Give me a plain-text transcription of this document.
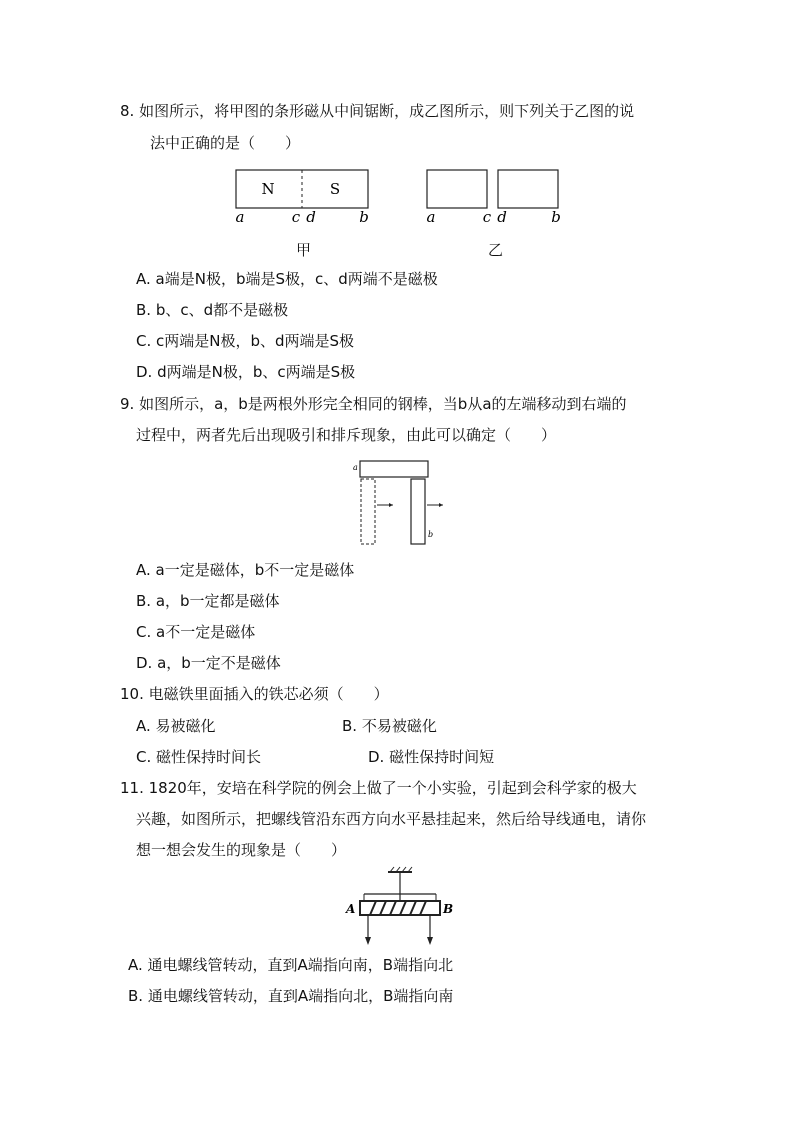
8. 如图所示，将甲图的条形磁从中间锯断，成乙图所示，则下列关于乙图的说
法中正确的是（　　）
N	S
a	c d	b	a	c d	b
甲	乙
A. a端是N极，b端是S极，c、d两端不是磁极
B. b、c、d都不是磁极
C. c两端是N极，b、d两端是S极
D. d两端是N极，b、c两端是S极
9. 如图所示，a，b是两根外形完全相同的钢棒，当b从a的左端移动到右端的
过程中，两者先后出现吸引和排斥现象，由此可以确定（　　）
a
b
A. a一定是磁体，b不一定是磁体
B. a，b一定都是磁体
C. a不一定是磁体
D. a，b一定不是磁体
10. 电磁铁里面插入的铁芯必须（　　）
A. 易被磁化	B. 不易被磁化
C. 磁性保持时间长	D. 磁性保持时间短
11. 1820年，安培在科学院的例会上做了一个小实验，引起到会科学家的极大
兴趣，如图所示，把螺线管沿东西方向水平悬挂起来，然后给导线通电，请你
想一想会发生的现象是（　　）
A	B
A. 通电螺线管转动，直到A端指向南，B端指向北
B. 通电螺线管转动，直到A端指向北，B端指向南
